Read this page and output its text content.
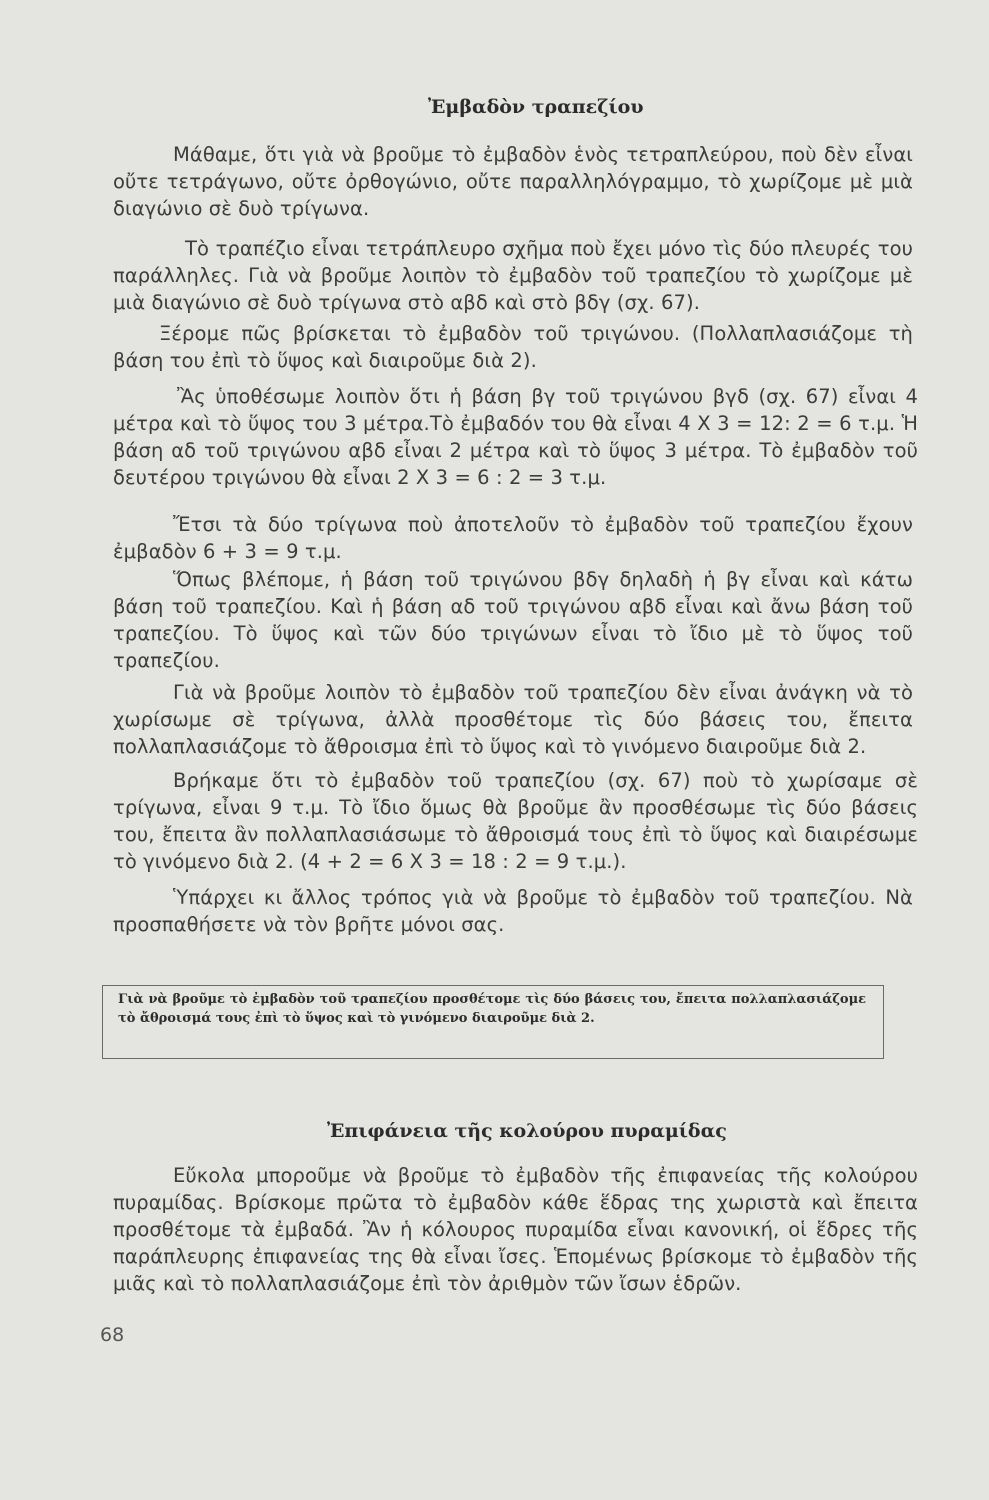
Ἐμβαδὸν τραπεζίου

Μάθαμε, ὅτι γιὰ νὰ βροῦμε τὸ ἐμβαδὸν ἑνὸς τετραπλεύρου, ποὺ δὲν εἶναι οὔτε τετράγωνο, οὔτε ὀρθογώνιο, οὔτε παραλληλόγραμμο, τὸ χωρίζομε μὲ μιὰ διαγώνιο σὲ δυὸ τρίγωνα.

Τὸ τραπέζιο εἶναι τετράπλευρο σχῆμα ποὺ ἔχει μόνο τὶς δύο πλευρές του παράλληλες. Γιὰ νὰ βροῦμε λοιπὸν τὸ ἐμβαδὸν τοῦ τραπεζίου τὸ χωρίζομε μὲ μιὰ διαγώνιο σὲ δυὸ τρίγωνα στὸ αβδ καὶ στὸ βδγ (σχ. 67).

Ξέρομε πῶς βρίσκεται τὸ ἐμβαδὸν τοῦ τριγώνου. (Πολλαπλασιάζομε τὴ βάση του ἐπὶ τὸ ὕψος καὶ διαιροῦμε διὰ 2).

Ἂς ὑποθέσωμε λοιπὸν ὅτι ἡ βάση βγ τοῦ τριγώνου βγδ (σχ. 67) εἶναι 4 μέτρα καὶ τὸ ὕψος του 3 μέτρα.Τὸ ἐμβαδόν του θὰ εἶναι 4 X 3 = 12: 2 = 6 τ.μ. Ἡ βάση αδ τοῦ τριγώνου αβδ εἶναι 2 μέτρα καὶ τὸ ὕψος 3 μέτρα. Τὸ ἐμβαδὸν τοῦ δευτέρου τριγώνου θὰ εἶναι 2 X 3 = 6 : 2 = 3 τ.μ.

Ἔτσι τὰ δύο τρίγωνα ποὺ ἀποτελοῦν τὸ ἐμβαδὸν τοῦ τραπεζίου ἔχουν ἐμβαδὸν 6 + 3 = 9 τ.μ.

Ὅπως βλέπομε, ἡ βάση τοῦ τριγώνου βδγ δηλαδὴ ἡ βγ εἶναι καὶ κάτω βάση τοῦ τραπεζίου. Καὶ ἡ βάση αδ τοῦ τριγώνου αβδ εἶναι καὶ ἄνω βάση τοῦ τραπεζίου. Τὸ ὕψος καὶ τῶν δύο τριγώνων εἶναι τὸ ἴδιο μὲ τὸ ὕψος τοῦ τραπεζίου.

Γιὰ νὰ βροῦμε λοιπὸν τὸ ἐμβαδὸν τοῦ τραπεζίου δὲν εἶναι ἀνάγκη νὰ τὸ χωρίσωμε σὲ τρίγωνα, ἀλλὰ προσθέτομε τὶς δύο βάσεις του, ἔπειτα πολλαπλασιάζομε τὸ ἄθροισμα ἐπὶ τὸ ὕψος καὶ τὸ γινόμενο διαιροῦμε διὰ 2.

Βρήκαμε ὅτι τὸ ἐμβαδὸν τοῦ τραπεζίου (σχ. 67) ποὺ τὸ χωρίσαμε σὲ τρίγωνα, εἶναι 9 τ.μ. Τὸ ἴδιο ὅμως θὰ βροῦμε ἂν προσθέσωμε τὶς δύο βάσεις του, ἔπειτα ἂν πολλαπλασιάσωμε τὸ ἄθροισμά τους ἐπὶ τὸ ὕψος καὶ διαιρέσωμε τὸ γινόμενο διὰ 2. (4 + 2 = 6 X 3 = 18 : 2 = 9 τ.μ.).

Ὑπάρχει κι ἄλλος τρόπος γιὰ νὰ βροῦμε τὸ ἐμβαδὸν τοῦ τραπεζίου. Νὰ προσπαθήσετε νὰ τὸν βρῆτε μόνοι σας.

Γιὰ νὰ βροῦμε τὸ ἐμβαδὸν τοῦ τραπεζίου προσθέτομε τὶς δύο βάσεις του, ἔπειτα πολλαπλασιάζομε τὸ ἄθροισμά τους ἐπὶ τὸ ὕψος καὶ τὸ γινόμενο διαιροῦμε διὰ 2.

Ἐπιφάνεια τῆς κολούρου πυραμίδας

Εὔκολα μποροῦμε νὰ βροῦμε τὸ ἐμβαδὸν τῆς ἐπιφανείας τῆς κολούρου πυραμίδας. Βρίσκομε πρῶτα τὸ ἐμβαδὸν κάθε ἕδρας της χωριστὰ καὶ ἔπειτα προσθέτομε τὰ ἐμβαδά. Ἂν ἡ κόλουρος πυραμίδα εἶναι κανονική, οἱ ἕδρες τῆς παράπλευρης ἐπιφανείας της θὰ εἶναι ἴσες. Ἑπομένως βρίσκομε τὸ ἐμβαδὸν τῆς μιᾶς καὶ τὸ πολλαπλασιάζομε ἐπὶ τὸν ἀριθμὸν τῶν ἴσων ἑδρῶν.

68
